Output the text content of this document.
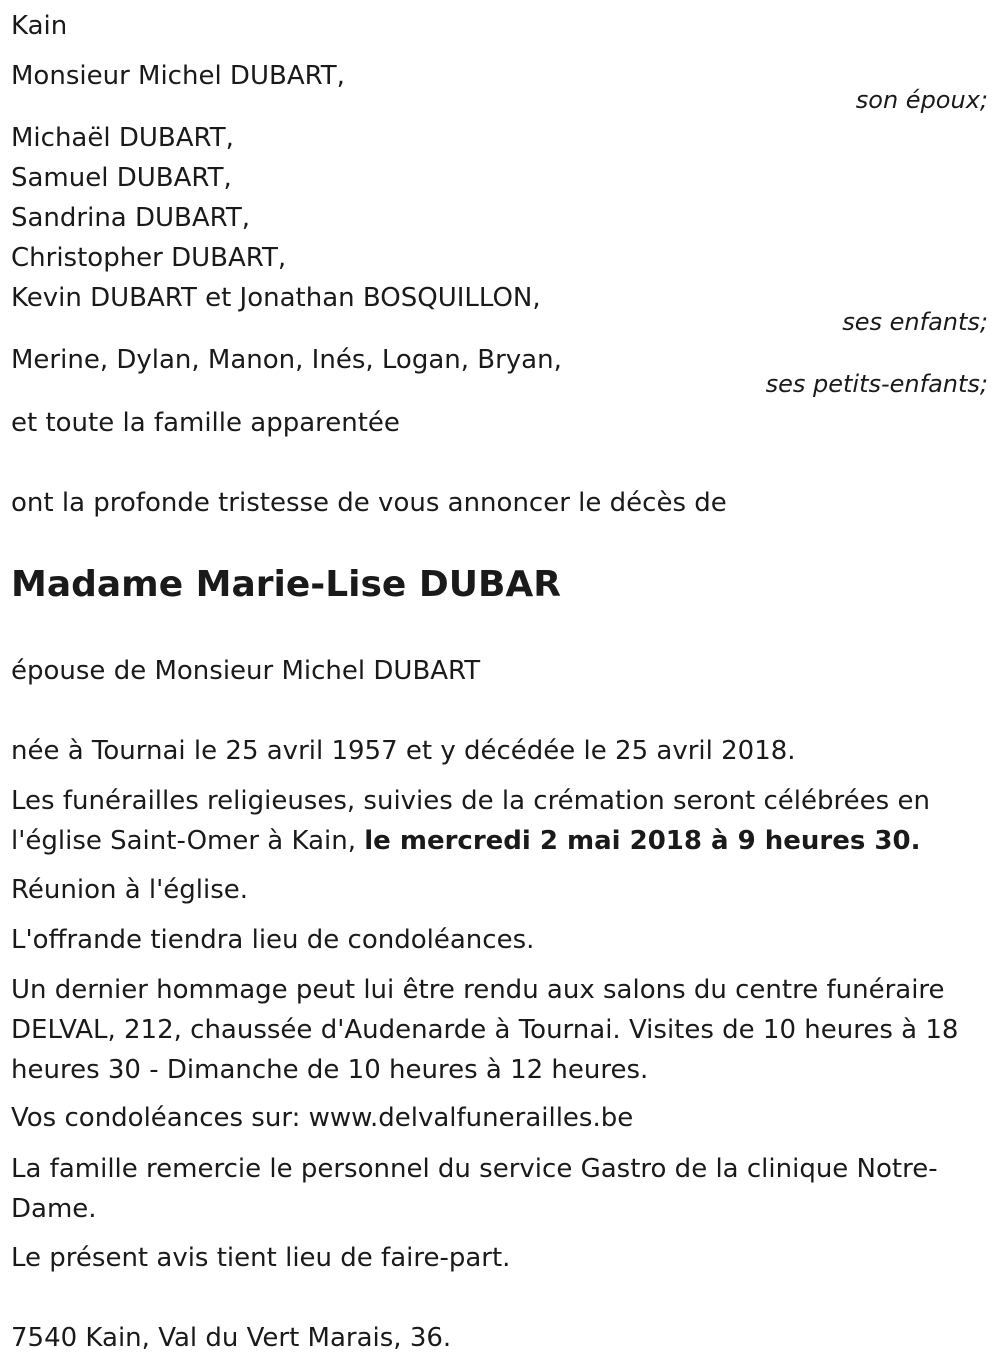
Kain
Monsieur Michel DUBART,
son époux;
Michaël DUBART,
Samuel DUBART,
Sandrina DUBART,
Christopher DUBART,
Kevin DUBART et Jonathan BOSQUILLON,
ses enfants;
Merine, Dylan, Manon, Inés, Logan, Bryan,
ses petits-enfants;
et toute la famille apparentée
ont la profonde tristesse de vous annoncer le décès de
Madame Marie-Lise DUBAR
épouse de Monsieur Michel DUBART
née à Tournai le 25 avril 1957 et y décédée le 25 avril 2018.
Les funérailles religieuses, suivies de la crémation seront célébrées en l'église Saint-Omer à Kain, le mercredi 2 mai 2018 à 9 heures 30.
Réunion à l'église.
L'offrande tiendra lieu de condoléances.
Un dernier hommage peut lui être rendu aux salons du centre funéraire DELVAL, 212, chaussée d'Audenarde à Tournai. Visites de 10 heures à 18 heures 30 - Dimanche de 10 heures à 12 heures.
Vos condoléances sur: www.delvalfunerailles.be
La famille remercie le personnel du service Gastro de la clinique Notre-Dame.
Le présent avis tient lieu de faire-part.
7540 Kain, Val du Vert Marais, 36.
